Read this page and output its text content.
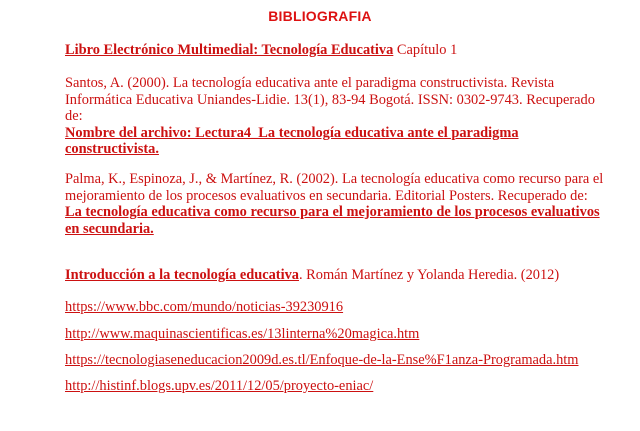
BIBLIOGRAFIA
Libro Electrónico Multimedial: Tecnología Educativa Capítulo 1
Santos, A. (2000). La tecnología educativa ante el paradigma constructivista. Revista Informática Educativa Uniandes-Lidie. 13(1), 83-94 Bogotá. ISSN: 0302-9743. Recuperado de:
Nombre del archivo: Lectura4_La tecnología educativa ante el paradigma constructivista.
Palma, K., Espinoza, J., & Martínez, R. (2002). La tecnología educativa como recurso para el mejoramiento de los procesos evaluativos en secundaria. Editorial Posters. Recuperado de:
La tecnología educativa como recurso para el mejoramiento de los procesos evaluativos en secundaria.
Introducción a la tecnología educativa. Román Martínez y Yolanda Heredia. (2012)
https://www.bbc.com/mundo/noticias-39230916
http://www.maquinascientificas.es/13linterna%20magica.htm
https://tecnologiaseneducacion2009d.es.tl/Enfoque-de-la-Ense%F1anza-Programada.htm
http://histinf.blogs.upv.es/2011/12/05/proyecto-eniac/
